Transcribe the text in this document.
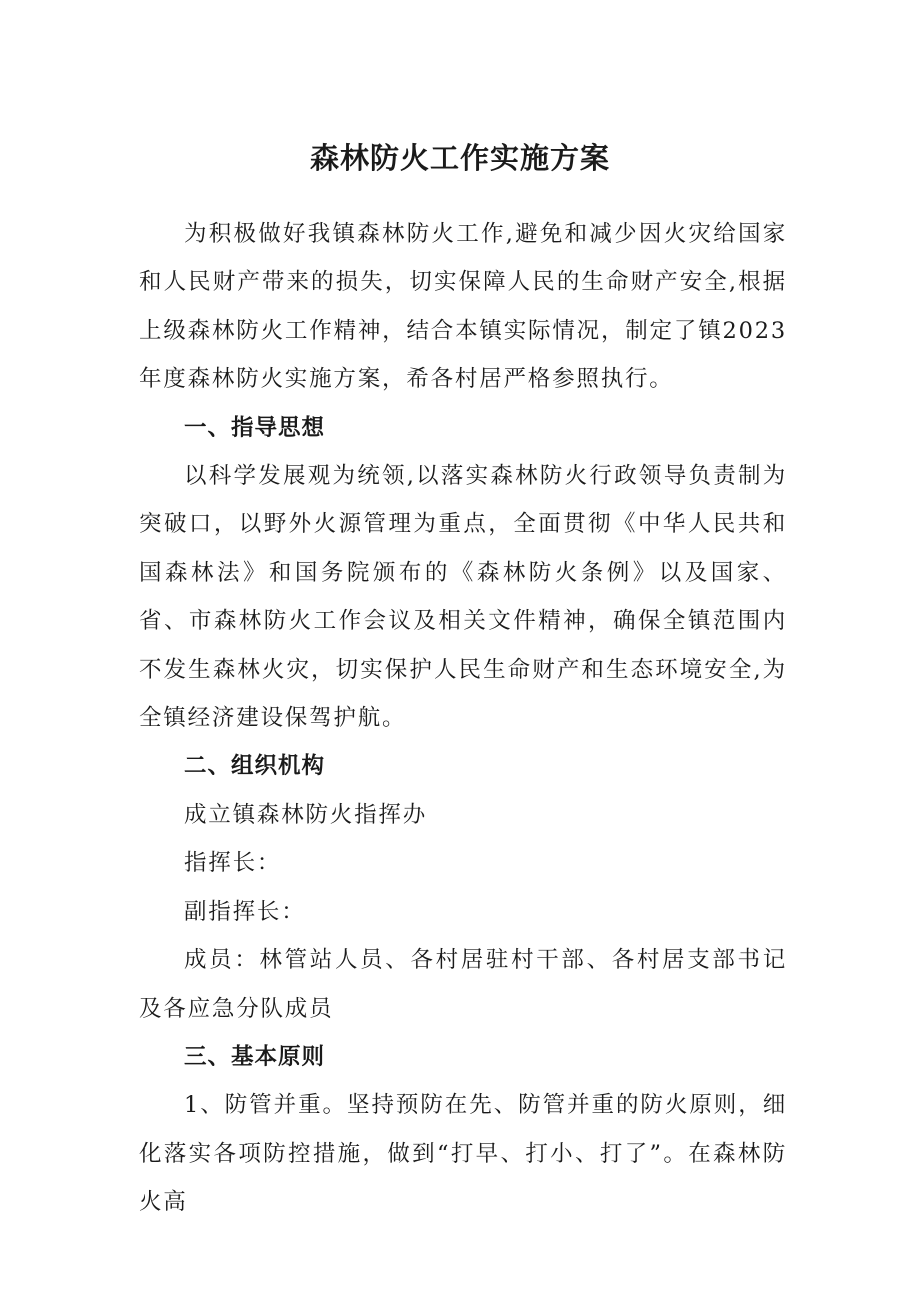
森林防火工作实施方案

为积极做好我镇森林防火工作,避免和减少因火灾给国家和人民财产带来的损失，切实保障人民的生命财产安全,根据上级森林防火工作精神，结合本镇实际情况，制定了镇2023年度森林防火实施方案，希各村居严格参照执行。

一、指导思想

以科学发展观为统领,以落实森林防火行政领导负责制为突破口，以野外火源管理为重点，全面贯彻《中华人民共和国森林法》和国务院颁布的《森林防火条例》以及国家、省、市森林防火工作会议及相关文件精神，确保全镇范围内不发生森林火灾，切实保护人民生命财产和生态环境安全,为全镇经济建设保驾护航。

二、组织机构

成立镇森林防火指挥办

指挥长：

副指挥长：

成员：林管站人员、各村居驻村干部、各村居支部书记及各应急分队成员

三、基本原则

1、防管并重。坚持预防在先、防管并重的防火原则，细化落实各项防控措施，做到“打早、打小、打了”。在森林防火高
